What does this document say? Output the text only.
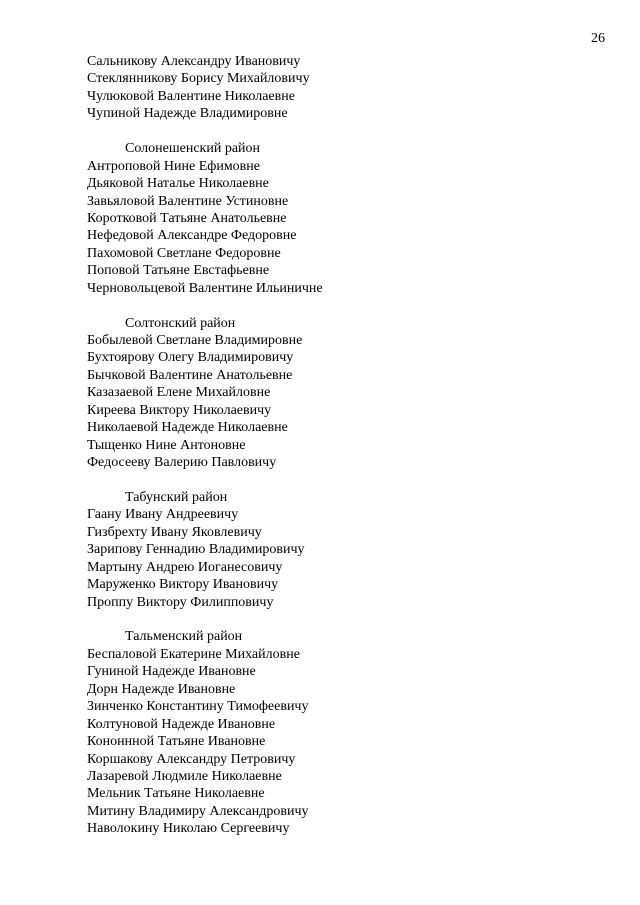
26
Сальникову Александру Ивановичу
Стеклянникову Борису Михайловичу
Чулюковой Валентине Николаевне
Чупиной Надежде Владимировне
Солонешенский район
Антроповой Нине Ефимовне
Дьяковой Наталье Николаевне
Завьяловой Валентине Устиновне
Коротковой Татьяне Анатольевне
Нефедовой Александре Федоровне
Пахомовой Светлане Федоровне
Поповой Татьяне Евстафьевне
Черновольцевой Валентине Ильиничне
Солтонский район
Бобылевой Светлане Владимировне
Бухтоярову Олегу Владимировичу
Бычковой Валентине Анатольевне
Казазаевой Елене Михайловне
Киреева Виктору Николаевичу
Николаевой Надежде Николаевне
Тыщенко Нине Антоновне
Федосееву Валерию Павловичу
Табунский район
Гаану Ивану Андреевичу
Гизбрехту Ивану Яковлевичу
Зарипову Геннадию Владимировичу
Мартыну Андрею Иоганесовичу
Маруженко Виктору Ивановичу
Проппу Виктору Филипповичу
Тальменский район
Беспаловой Екатерине Михайловне
Гуниной Надежде Ивановне
Дорн Надежде Ивановне
Зинченко Константину Тимофеевичу
Колтуновой Надежде Ивановне
Кононнной Татьяне Ивановне
Коршакову Александру Петровичу
Лазаревой Людмиле Николаевне
Мельник Татьяне Николаевне
Митину Владимиру Александровичу
Наволокину Николаю Сергеевичу
